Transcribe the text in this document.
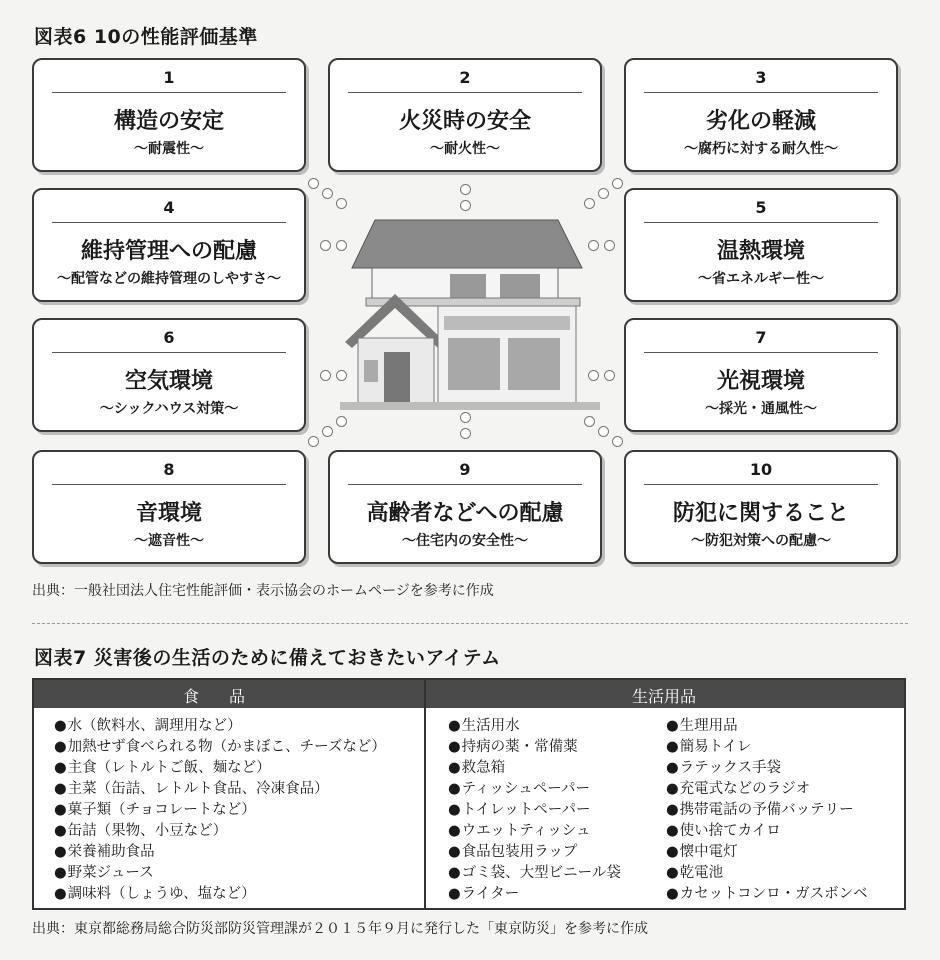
図表6 10の性能評価基準
1
構造の安定
〜耐震性〜
2
火災時の安全
〜耐火性〜
3
劣化の軽減
〜腐朽に対する耐久性〜
4
維持管理への配慮
〜配管などの維持管理のしやすさ〜
5
温熱環境
〜省エネルギー性〜
6
空気環境
〜シックハウス対策〜
7
光視環境
〜採光・通風性〜
8
音環境
〜遮音性〜
9
高齢者などへの配慮
〜住宅内の安全性〜
10
防犯に関すること
〜防犯対策への配慮〜
出典：一般社団法人住宅性能評価・表示協会のホームページを参考に作成
図表7 災害後の生活のために備えておきたいアイテム
食品	生活用品
● 水（飲料水、調理用など）
● 加熱せず食べられる物（かまぼこ、チーズなど）
● 主食（レトルトご飯、麺など）
● 主菜（缶詰、レトルト食品、冷凍食品）
● 菓子類（チョコレートなど）
● 缶詰（果物、小豆など）
● 栄養補助食品
● 野菜ジュース
● 調味料（しょうゆ、塩など）
● 生活用水
● 持病の薬・常備薬
● 救急箱
● ティッシュペーパー
● トイレットペーパー
● ウエットティッシュ
● 食品包装用ラップ
● ゴミ袋、大型ビニール袋
● ライター
● 生理用品
● 簡易トイレ
● ラテックス手袋
● 充電式などのラジオ
● 携帯電話の予備バッテリー
● 使い捨てカイロ
● 懐中電灯
● 乾電池
● カセットコンロ・ガスボンベ
出典：東京都総務局総合防災部防災管理課が２０１５年９月に発行した「東京防災」を参考に作成
